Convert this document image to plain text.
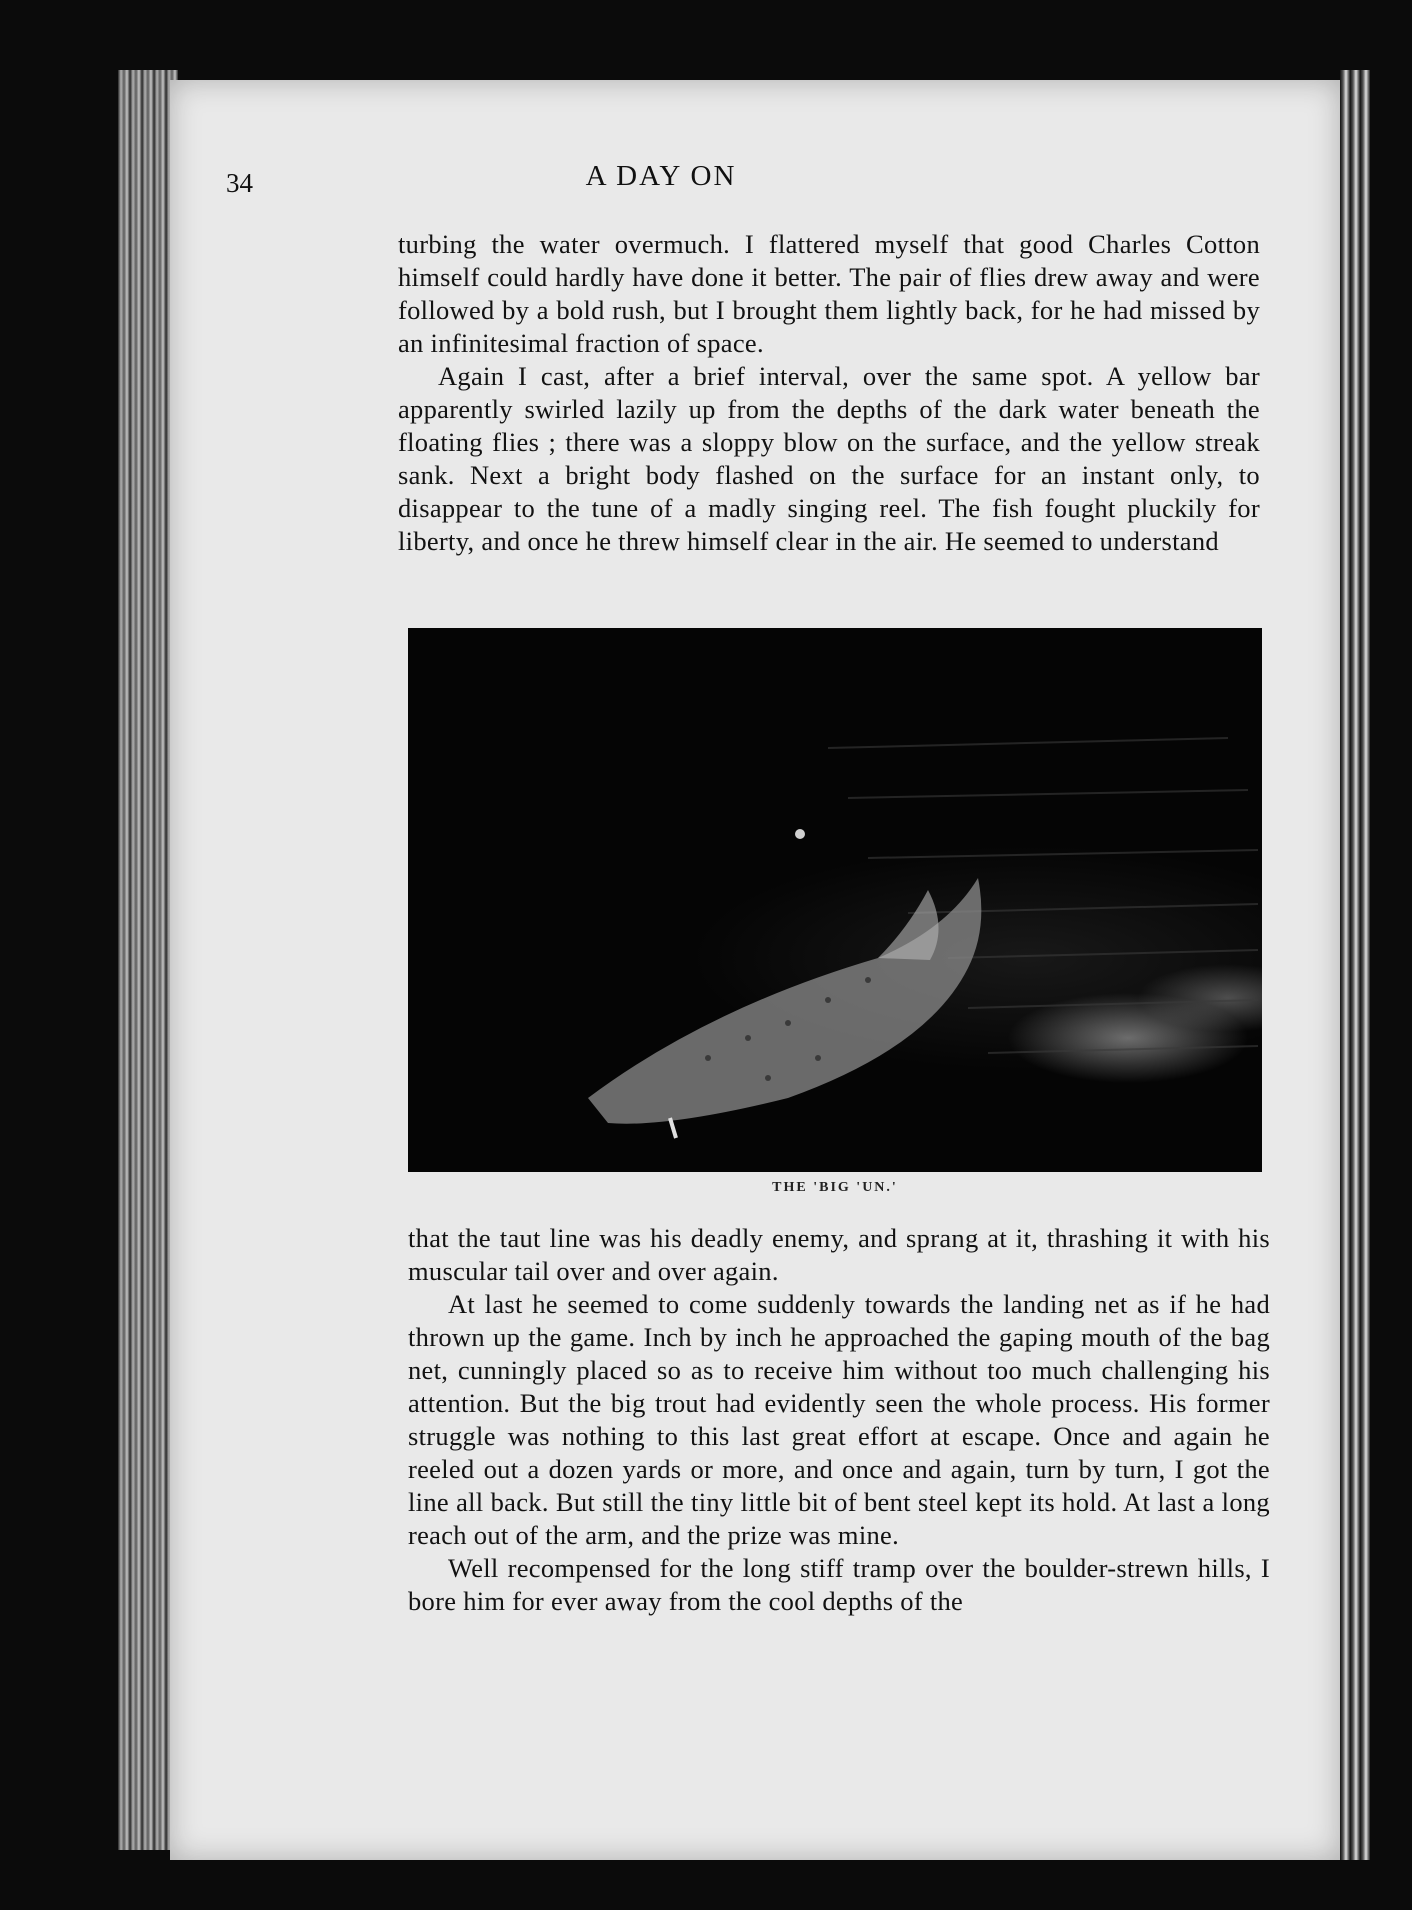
34	A DAY ON

turbing the water overmuch. I flattered myself that good Charles Cotton himself could hardly have done it better. The pair of flies drew away and were followed by a bold rush, but I brought them lightly back, for he had missed by an infinitesimal fraction of space.

Again I cast, after a brief interval, over the same spot. A yellow bar apparently swirled lazily up from the depths of the dark water beneath the floating flies ; there was a sloppy blow on the surface, and the yellow streak sank. Next a bright body flashed on the surface for an instant only, to disappear to the tune of a madly singing reel. The fish fought pluckily for liberty, and once he threw himself clear in the air. He seemed to understand

THE 'BIG 'UN.'

that the taut line was his deadly enemy, and sprang at it, thrashing it with his muscular tail over and over again.

At last he seemed to come suddenly towards the landing net as if he had thrown up the game. Inch by inch he approached the gaping mouth of the bag net, cunningly placed so as to receive him without too much challenging his attention. But the big trout had evidently seen the whole process. His former struggle was nothing to this last great effort at escape. Once and again he reeled out a dozen yards or more, and once and again, turn by turn, I got the line all back. But still the tiny little bit of bent steel kept its hold. At last a long reach out of the arm, and the prize was mine.

Well recompensed for the long stiff tramp over the boulder-strewn hills, I bore him for ever away from the cool depths of the
